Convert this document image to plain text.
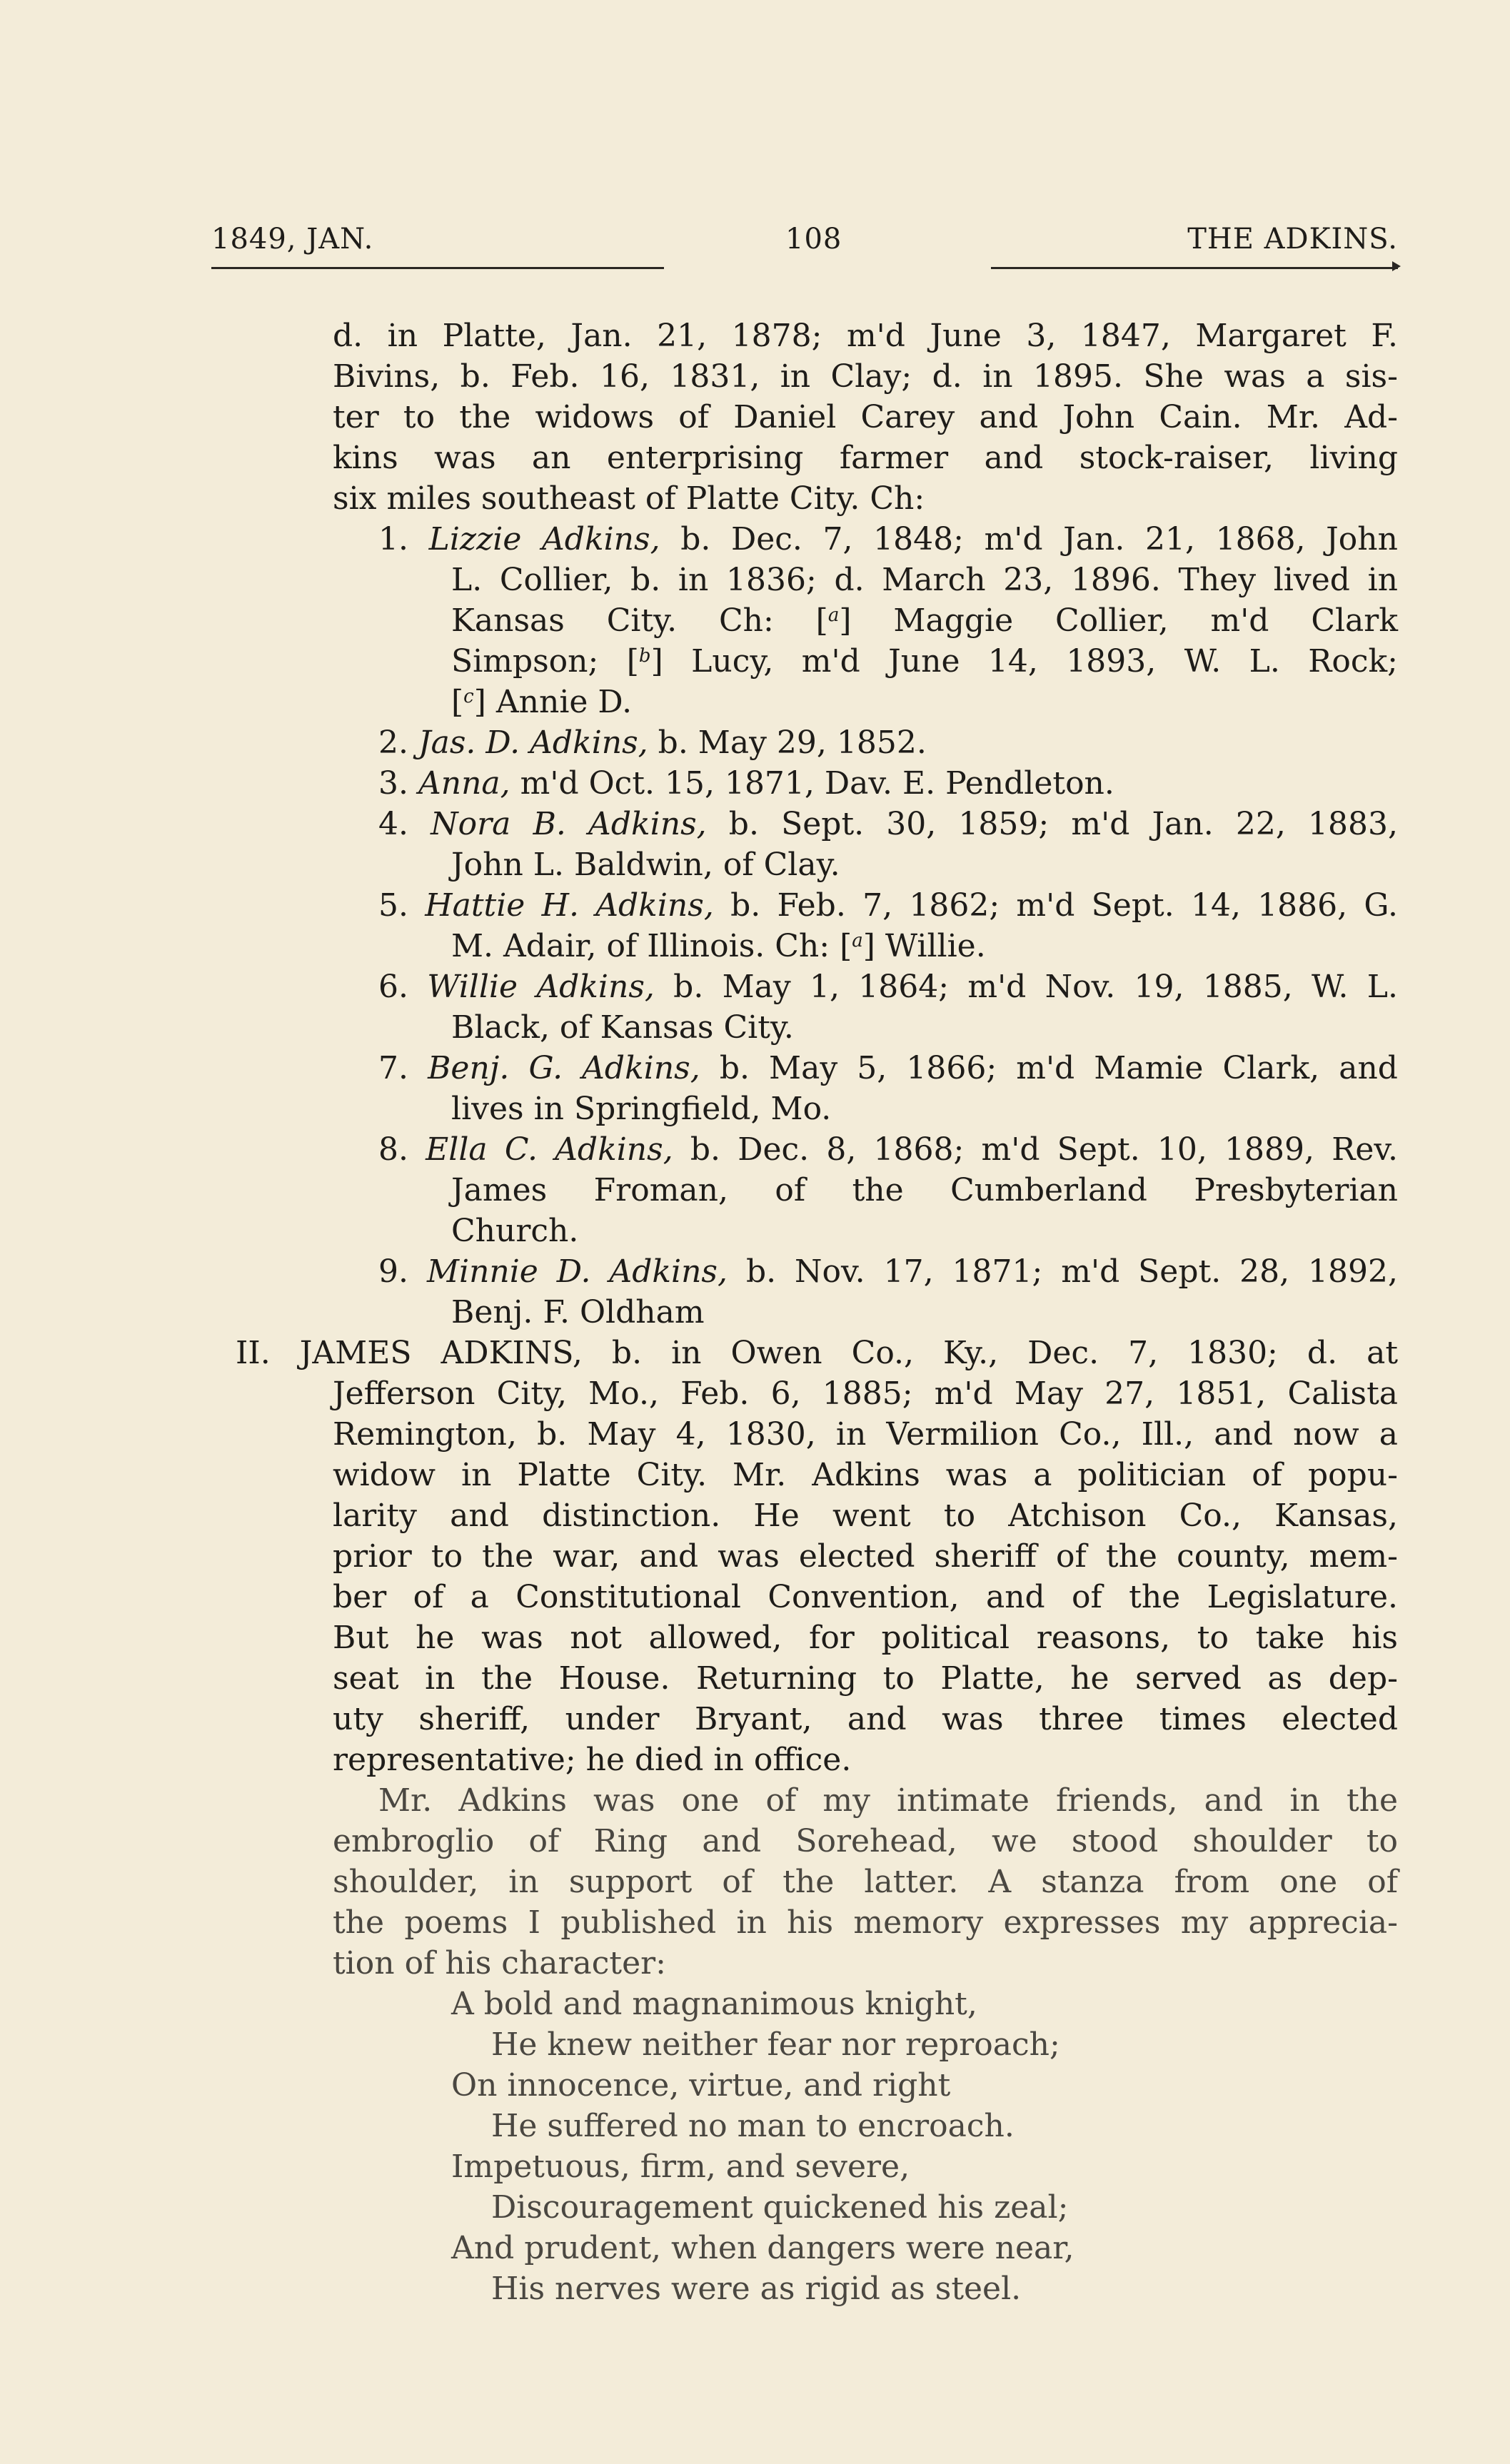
1849, JAN.	108	THE ADKINS.
d. in Platte, Jan. 21, 1878; m'd June 3, 1847, Margaret F.
Bivins, b. Feb. 16, 1831, in Clay; d. in 1895. She was a sis-
ter to the widows of Daniel Carey and John Cain. Mr. Ad-
kins was an enterprising farmer and stock-raiser, living
six miles southeast of Platte City. Ch:
1. Lizzie Adkins, b. Dec. 7, 1848; m'd Jan. 21, 1868, John
L. Collier, b. in 1836; d. March 23, 1896. They lived in
Kansas City. Ch: [$^a$] Maggie Collier, m'd Clark
Simpson; [$^b$] Lucy, m'd June 14, 1893, W. L. Rock;
[$^c$] Annie D.
2. Jas. D. Adkins, b. May 29, 1852.
3. Anna, m'd Oct. 15, 1871, Dav. E. Pendleton.
4. Nora B. Adkins, b. Sept. 30, 1859; m'd Jan. 22, 1883,
John L. Baldwin, of Clay.
5. Hattie H. Adkins, b. Feb. 7, 1862; m'd Sept. 14, 1886, G.
M. Adair, of Illinois. Ch: [$^a$] Willie.
6. Willie Adkins, b. May 1, 1864; m'd Nov. 19, 1885, W. L.
Black, of Kansas City.
7. Benj. G. Adkins, b. May 5, 1866; m'd Mamie Clark, and
lives in Springfield, Mo.
8. Ella C. Adkins, b. Dec. 8, 1868; m'd Sept. 10, 1889, Rev.
James Froman, of the Cumberland Presbyterian
Church.
9. Minnie D. Adkins, b. Nov. 17, 1871; m'd Sept. 28, 1892,
Benj. F. Oldham
II. JAMES ADKINS, b. in Owen Co., Ky., Dec. 7, 1830; d. at
Jefferson City, Mo., Feb. 6, 1885; m'd May 27, 1851, Calista
Remington, b. May 4, 1830, in Vermilion Co., Ill., and now a
widow in Platte City. Mr. Adkins was a politician of popu-
larity and distinction. He went to Atchison Co., Kansas,
prior to the war, and was elected sheriff of the county, mem-
ber of a Constitutional Convention, and of the Legislature.
But he was not allowed, for political reasons, to take his
seat in the House. Returning to Platte, he served as dep-
uty sheriff, under Bryant, and was three times elected
representative; he died in office.
Mr. Adkins was one of my intimate friends, and in the
embroglio of Ring and Sorehead, we stood shoulder to
shoulder, in support of the latter. A stanza from one of
the poems I published in his memory expresses my apprecia-
tion of his character:
A bold and magnanimous knight,
He knew neither fear nor reproach;
On innocence, virtue, and right
He suffered no man to encroach.
Impetuous, firm, and severe,
Discouragement quickened his zeal;
And prudent, when dangers were near,
His nerves were as rigid as steel.
